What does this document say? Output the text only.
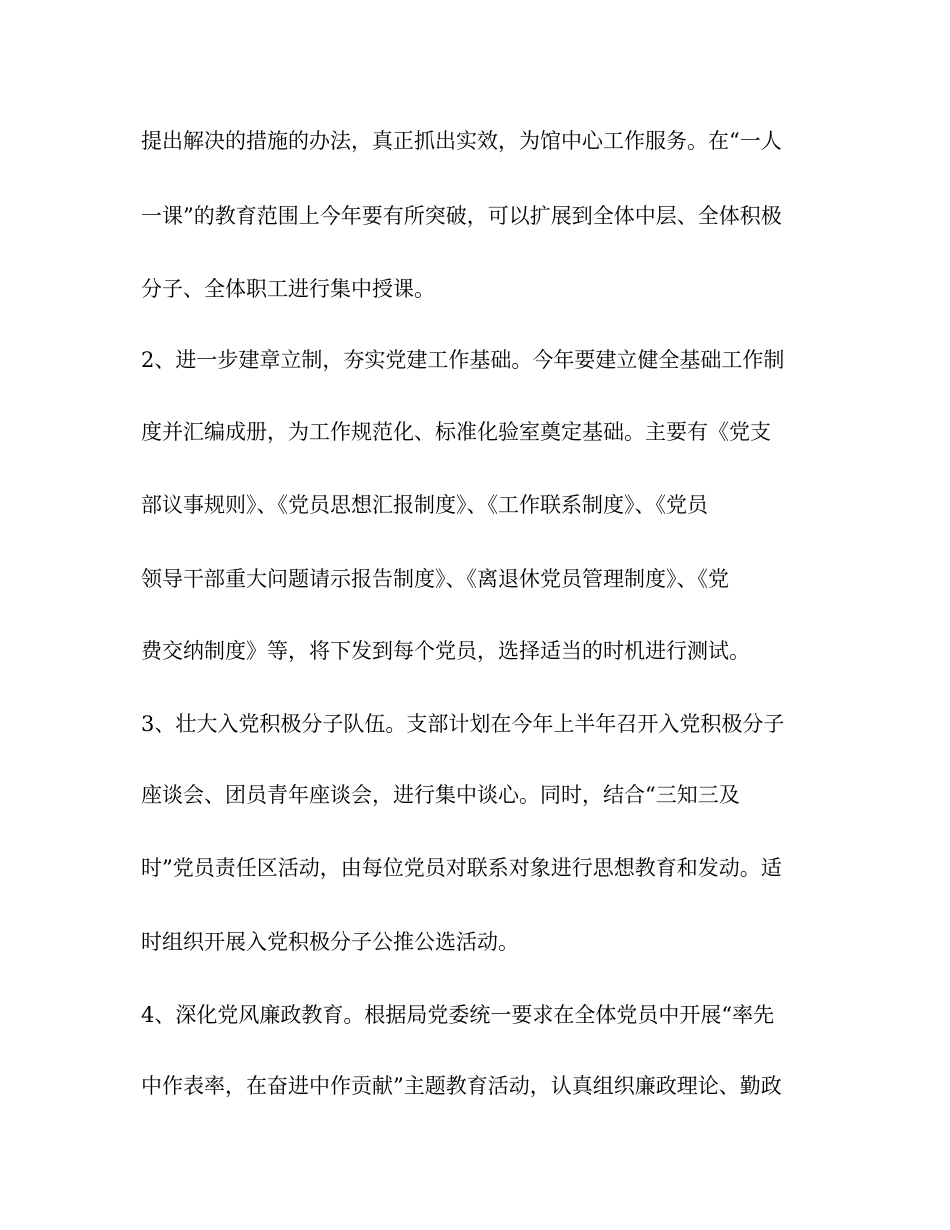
提出解决的措施的办法，真正抓出实效，为馆中心工作服务。在“一人
一课”的教育范围上今年要有所突破，可以扩展到全体中层、全体积极
分子、全体职工进行集中授课。
2、进一步建章立制，夯实党建工作基础。今年要建立健全基础工作制
度并汇编成册，为工作规范化、标准化验室奠定基础。主要有《党支
部议事规则》、《党员思想汇报制度》、《工作联系制度》、《党员
领导干部重大问题请示报告制度》、《离退休党员管理制度》、《党
费交纳制度》等，将下发到每个党员，选择适当的时机进行测试。
3、壮大入党积极分子队伍。支部计划在今年上半年召开入党积极分子
座谈会、团员青年座谈会，进行集中谈心。同时，结合“三知三及
时”党员责任区活动，由每位党员对联系对象进行思想教育和发动。适
时组织开展入党积极分子公推公选活动。
4、深化党风廉政教育。根据局党委统一要求在全体党员中开展“率先
中作表率，在奋进中作贡献”主题教育活动，认真组织廉政理论、勤政
